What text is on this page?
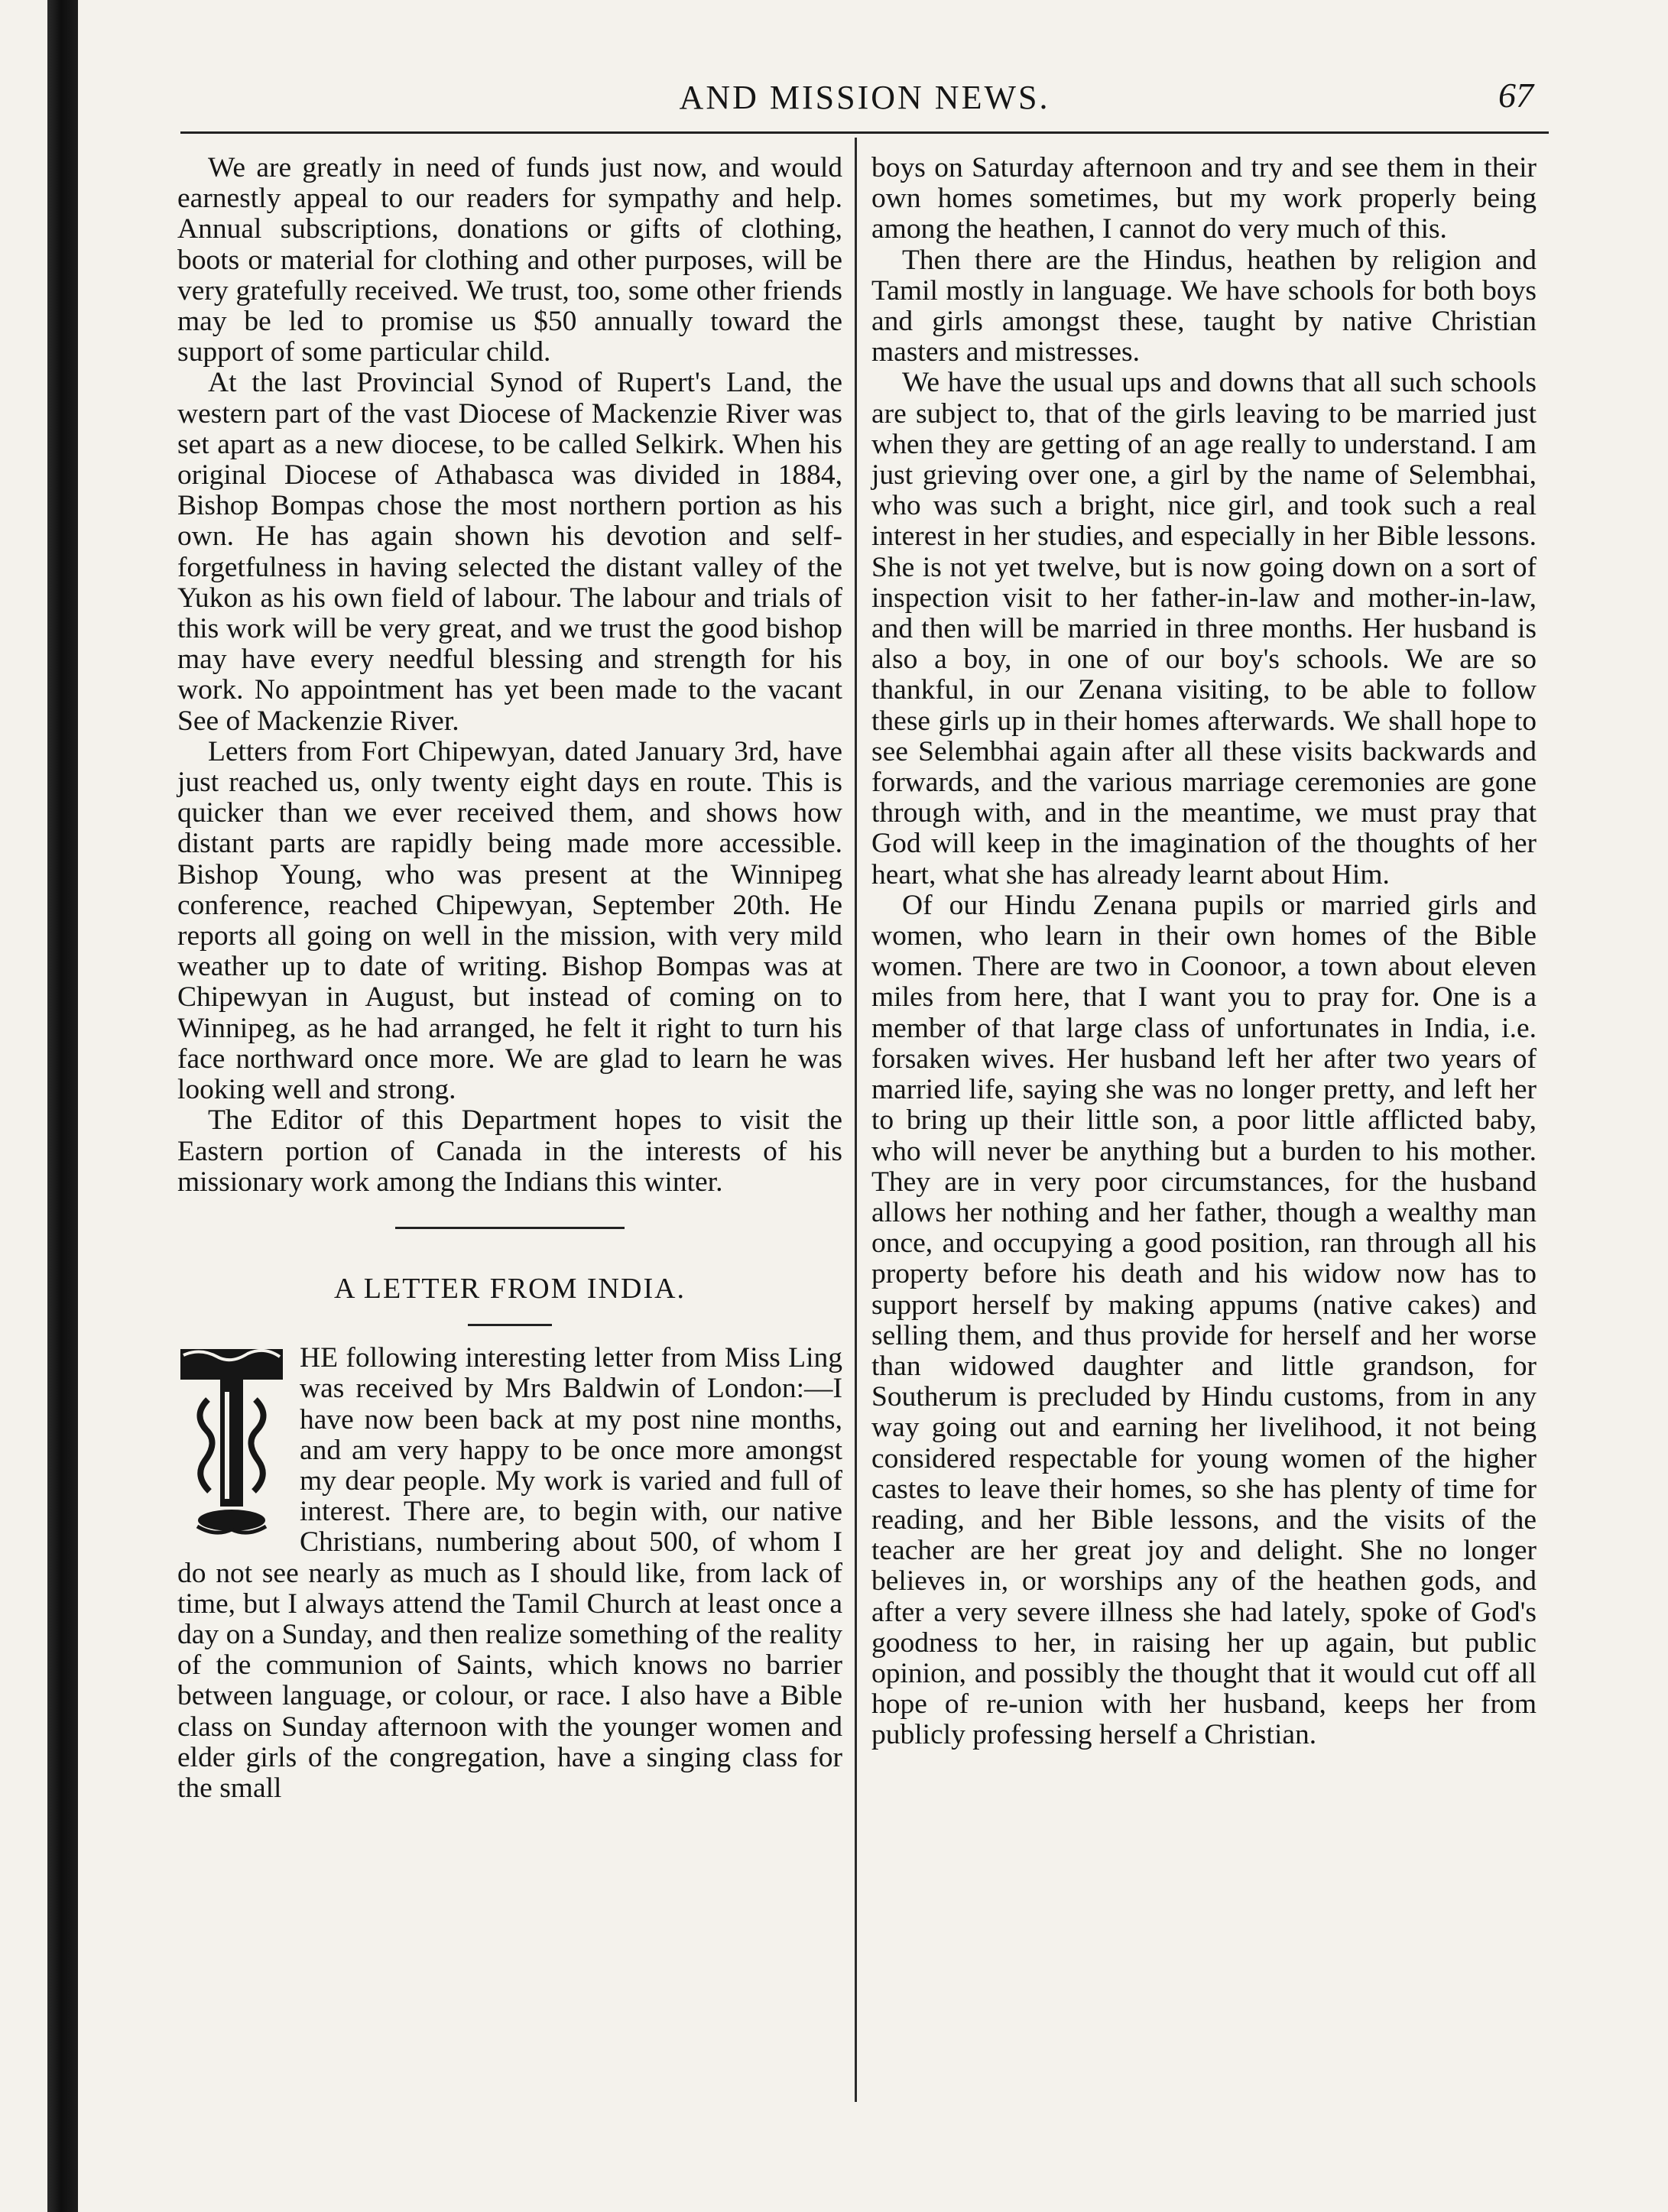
AND MISSION NEWS.	67

We are greatly in need of funds just now, and would earnestly appeal to our readers for sympathy and help. Annual subscriptions, donations or gifts of clothing, boots or material for clothing and other purposes, will be very gratefully received. We trust, too, some other friends may be led to promise us $50 annually toward the support of some particular child.

At the last Provincial Synod of Rupert's Land, the western part of the vast Diocese of Mackenzie River was set apart as a new diocese, to be called Selkirk. When his original Diocese of Athabasca was divided in 1884, Bishop Bompas chose the most northern portion as his own. He has again shown his devotion and self-forgetfulness in having selected the distant valley of the Yukon as his own field of labour. The labour and trials of this work will be very great, and we trust the good bishop may have every needful blessing and strength for his work. No appointment has yet been made to the vacant See of Mackenzie River.

Letters from Fort Chipewyan, dated January 3rd, have just reached us, only twenty eight days en route. This is quicker than we ever received them, and shows how distant parts are rapidly being made more accessible. Bishop Young, who was present at the Winnipeg conference, reached Chipewyan, September 20th. He reports all going on well in the mission, with very mild weather up to date of writing. Bishop Bompas was at Chipewyan in August, but instead of coming on to Winnipeg, as he had arranged, he felt it right to turn his face northward once more. We are glad to learn he was looking well and strong.

The Editor of this Department hopes to visit the Eastern portion of Canada in the interests of his missionary work among the Indians this winter.

A LETTER FROM INDIA.

HE following interesting letter from Miss Ling was received by Mrs Baldwin of London:—I have now been back at my post nine months, and am very happy to be once more amongst my dear people. My work is varied and full of interest. There are, to begin with, our native Christians, numbering about 500, of whom I do not see nearly as much as I should like, from lack of time, but I always attend the Tamil Church at least once a day on a Sunday, and then realize something of the reality of the communion of Saints, which knows no barrier between language, or colour, or race. I also have a Bible class on Sunday afternoon with the younger women and elder girls of the congregation, have a singing class for the small

boys on Saturday afternoon and try and see them in their own homes sometimes, but my work properly being among the heathen, I cannot do very much of this.

Then there are the Hindus, heathen by religion and Tamil mostly in language. We have schools for both boys and girls amongst these, taught by native Christian masters and mistresses.

We have the usual ups and downs that all such schools are subject to, that of the girls leaving to be married just when they are getting of an age really to understand. I am just grieving over one, a girl by the name of Selembhai, who was such a bright, nice girl, and took such a real interest in her studies, and especially in her Bible lessons. She is not yet twelve, but is now going down on a sort of inspection visit to her father-in-law and mother-in-law, and then will be married in three months. Her husband is also a boy, in one of our boy's schools. We are so thankful, in our Zenana visiting, to be able to follow these girls up in their homes afterwards. We shall hope to see Selembhai again after all these visits backwards and forwards, and the various marriage ceremonies are gone through with, and in the meantime, we must pray that God will keep in the imagination of the thoughts of her heart, what she has already learnt about Him.

Of our Hindu Zenana pupils or married girls and women, who learn in their own homes of the Bible women. There are two in Coonoor, a town about eleven miles from here, that I want you to pray for. One is a member of that large class of unfortunates in India, i.e. forsaken wives. Her husband left her after two years of married life, saying she was no longer pretty, and left her to bring up their little son, a poor little afflicted baby, who will never be anything but a burden to his mother. They are in very poor circumstances, for the husband allows her nothing and her father, though a wealthy man once, and occupying a good position, ran through all his property before his death and his widow now has to support herself by making appums (native cakes) and selling them, and thus provide for herself and her worse than widowed daughter and little grandson, for Southerum is precluded by Hindu customs, from in any way going out and earning her livelihood, it not being considered respectable for young women of the higher castes to leave their homes, so she has plenty of time for reading, and her Bible lessons, and the visits of the teacher are her great joy and delight. She no longer believes in, or worships any of the heathen gods, and after a very severe illness she had lately, spoke of God's goodness to her, in raising her up again, but public opinion, and possibly the thought that it would cut off all hope of re-union with her husband, keeps her from publicly professing herself a Christian.
